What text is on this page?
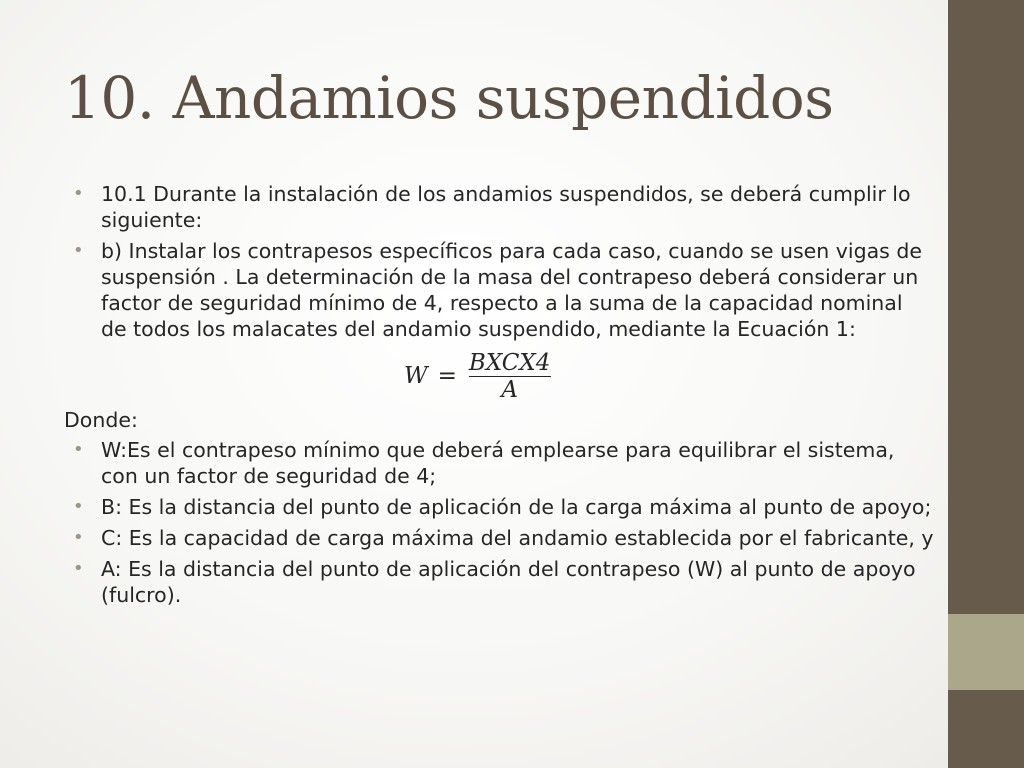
10. Andamios suspendidos
• 10.1 Durante la instalación de los andamios suspendidos, se deberá cumplir lo siguiente:
• b) Instalar los contrapesos específicos para cada caso, cuando se usen vigas de suspensión . La determinación de la masa del contrapeso deberá considerar un factor de seguridad mínimo de 4, respecto a la suma de la capacidad nominal de todos los malacates del andamio suspendido, mediante la Ecuación 1:
$W = \frac{\text{BXCX4}}{A}$

Donde:

• W:Es el contrapeso mínimo que deberá emplearse para equilibrar el sistema, con un factor de seguridad de 4;
• B: Es la distancia del punto de aplicación de la carga máxima al punto de apoyo;
• C: Es la capacidad de carga máxima del andamio establecida por el fabricante, y
• A: Es la distancia del punto de aplicación del contrapeso (W) al punto de apoyo (fulcro).
